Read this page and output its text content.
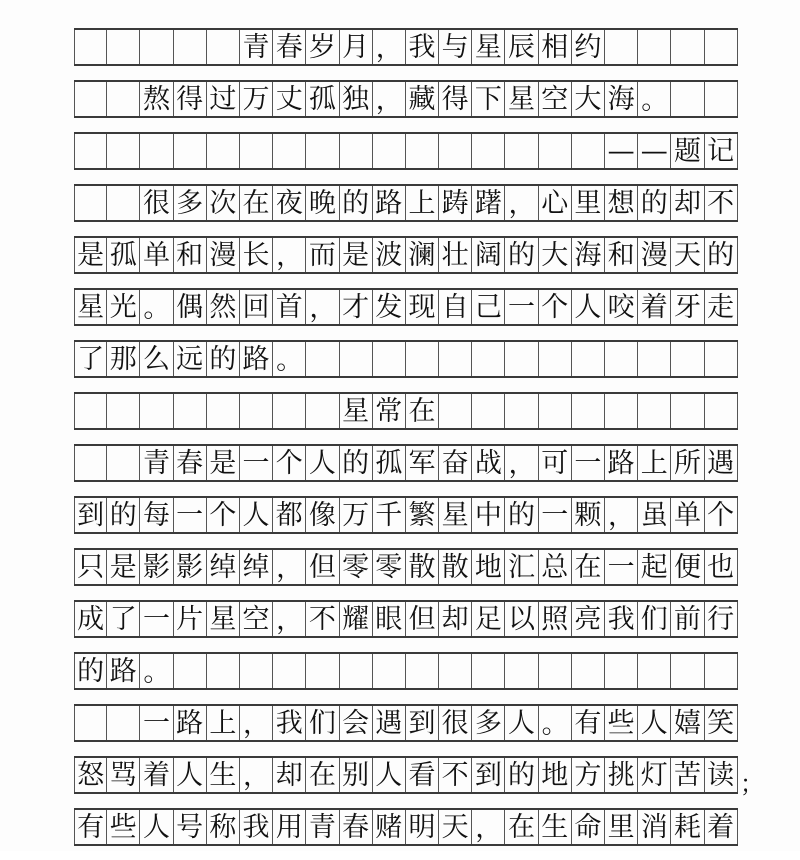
青 春 岁 月 ， 我 与 星 辰 相 约
熬 得 过 万 丈 孤 独 ， 藏 得 下 星 空 大 海 。
— — 题 记
很 多 次 在 夜 晚 的 路 上 踌 躇 ， 心 里 想 的 却 不
是 孤 单 和 漫 长 ， 而 是 波 澜 壮 阔 的 大 海 和 漫 天 的
星 光 。 偶 然 回 首 ， 才 发 现 自 己 一 个 人 咬 着 牙 走
了 那 么 远 的 路 。
星 常 在
青 春 是 一 个 人 的 孤 军 奋 战 ， 可 一 路 上 所 遇
到 的 每 一 个 人 都 像 万 千 繁 星 中 的 一 颗 ， 虽 单 个
只 是 影 影 绰 绰 ， 但 零 零 散 散 地 汇 总 在 一 起 便 也
成 了 一 片 星 空 ， 不 耀 眼 但 却 足 以 照 亮 我 们 前 行
的 路 。
一 路 上 ， 我 们 会 遇 到 很 多 人 。 有 些 人 嬉 笑
怒 骂 着 人 生 ， 却 在 别 人 看 不 到 的 地 方 挑 灯 苦 读 ；
有 些 人 号 称 我 用 青 春 赌 明 天 ， 在 生 命 里 消 耗 着
